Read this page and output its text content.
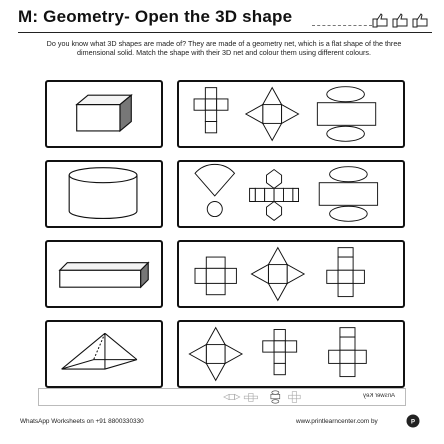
M: Geometry- Open the 3D shape
Do you know what 3D shapes are made of? They are made of a geometry net, which is a flat shape of the three dimensional solid. Match the shape with their 3D net and colour them using different colours.
Answer Key
WhatsApp Worksheets on +91 8800330330	www.printlearncenter.com by	P
